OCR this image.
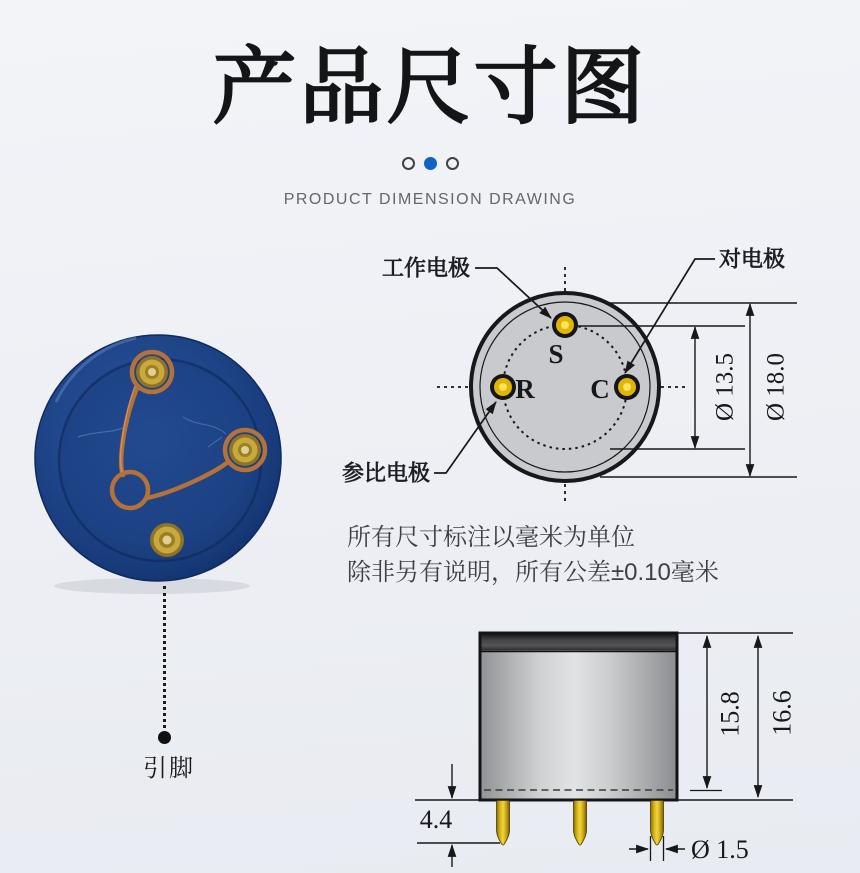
产品尺寸图
PRODUCT DIMENSION DRAWING
引脚
S
R C
工作电极	对电极
参比电极
Ø 13.5 Ø 18.0
所有尺寸标注以毫米为单位
除非另有说明，所有公差±0.10毫米
15.8 16.6
4.4
Ø 1.5
